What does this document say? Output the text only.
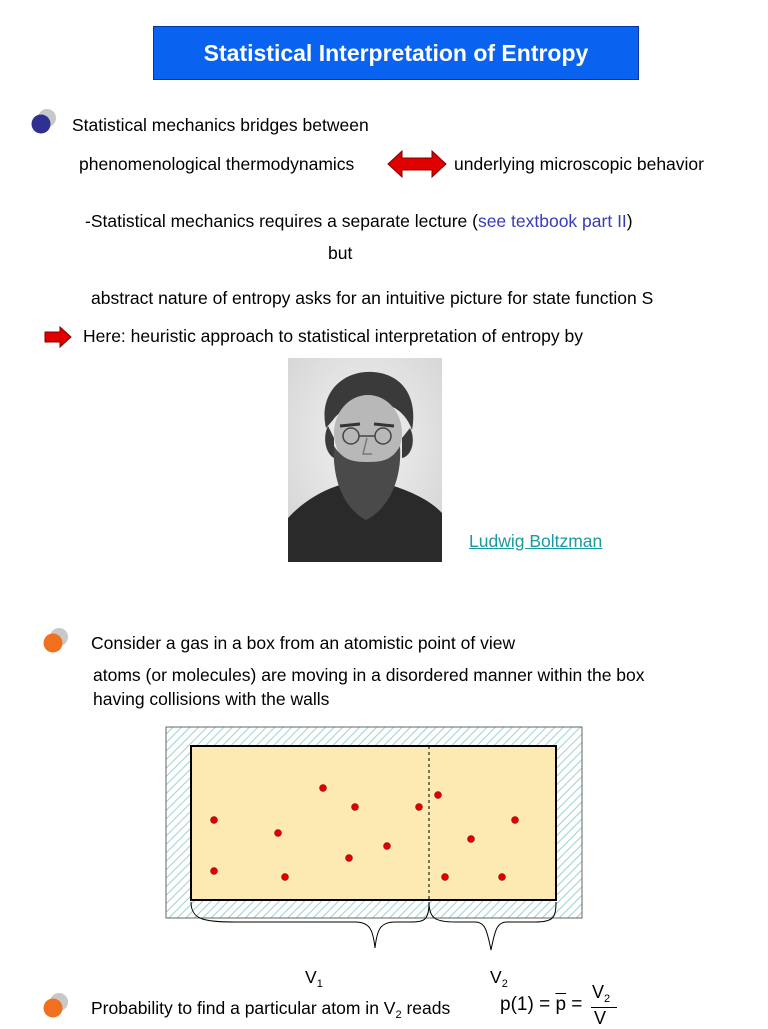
Statistical Interpretation of Entropy
Statistical mechanics bridges between
phenomenological thermodynamics	underlying microscopic behavior
-Statistical mechanics requires a separate lecture (see textbook part II)
but
abstract nature of entropy asks for an intuitive picture for state function S
Here: heuristic approach to statistical interpretation of entropy by
Ludwig Boltzman
Consider a gas in a box from an atomistic point of view
atoms (or molecules) are moving in a disordered manner within the box
having collisions with the walls
$V_1$	$V_2$
Probability to find a particular atom in $V_2$ reads	$p(1) = \overline{p}$ =
$V_2$
V
